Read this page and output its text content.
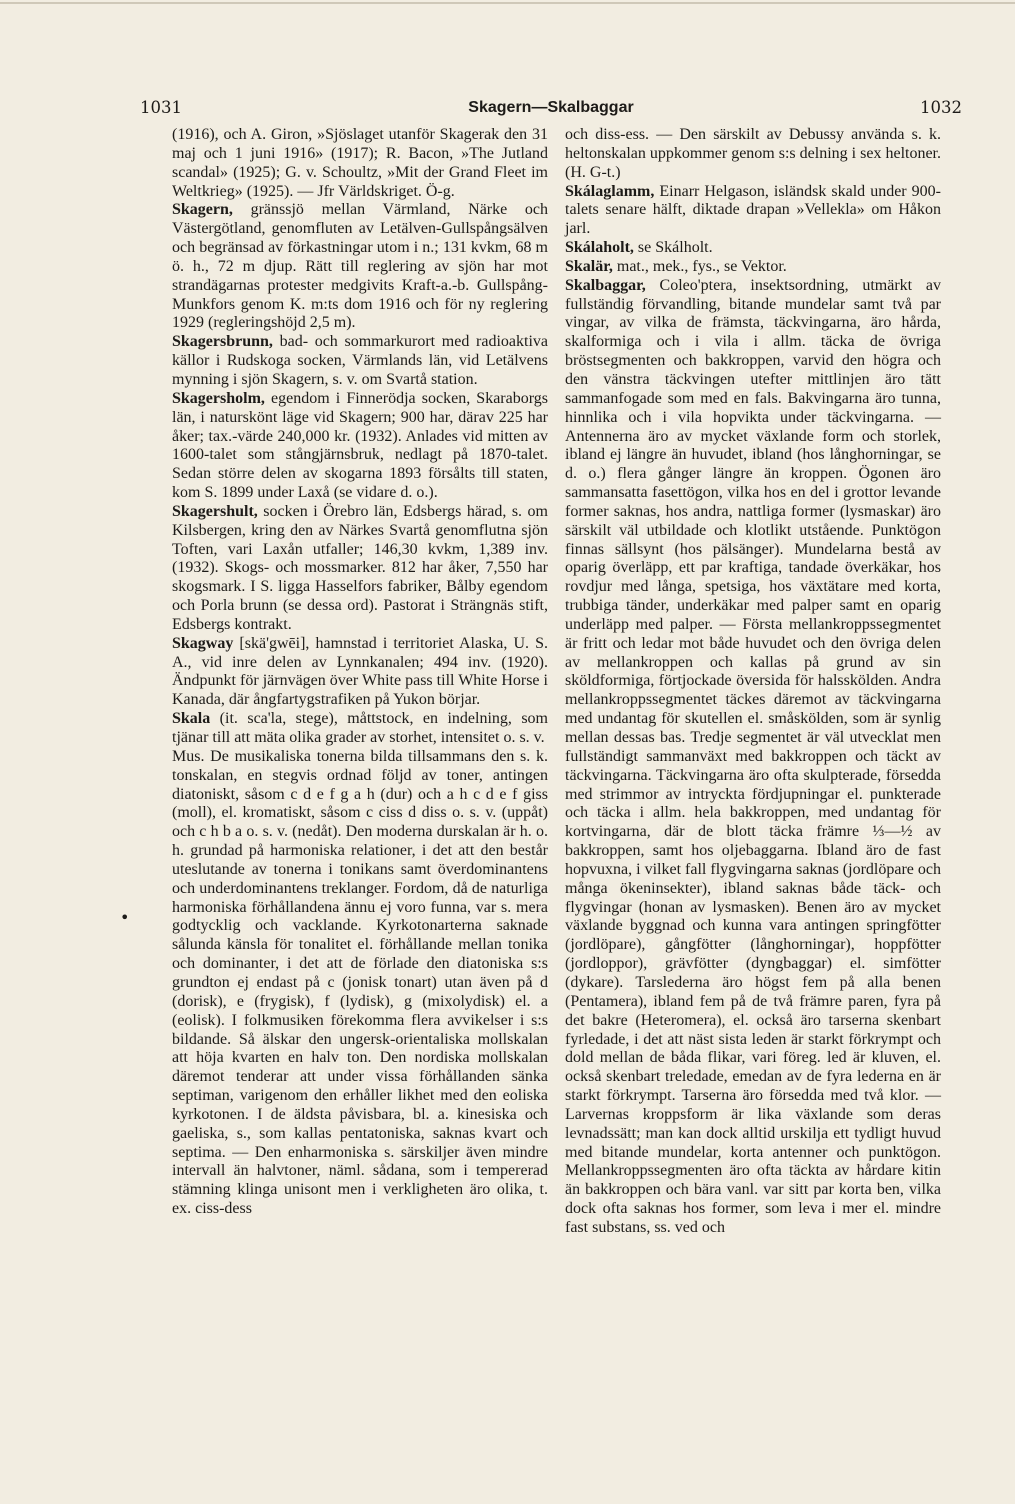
1031	Skagern—Skalbaggar	1032
•

(1916), och A. Giron, »Sjöslaget utanför Skagerak den 31 maj och 1 juni 1916» (1917); R. Bacon, »The Jutland scandal» (1925); G. v. Schoultz, »Mit der Grand Fleet im Weltkrieg» (1925). — Jfr Världskriget. Ö-g.

Skagern, gränssjö mellan Värmland, Närke och Västergötland, genomfluten av Letälven-Gullspångsälven och begränsad av förkastningar utom i n.; 131 kvkm, 68 m ö. h., 72 m djup. Rätt till reglering av sjön har mot strandägarnas protester medgivits Kraft-a.-b. Gullspång-Munkfors genom K. m:ts dom 1916 och för ny reglering 1929 (regleringshöjd 2,5 m).

Skagersbrunn, bad- och sommarkurort med radioaktiva källor i Rudskoga socken, Värmlands län, vid Letälvens mynning i sjön Skagern, s. v. om Svartå station.

Skagersholm, egendom i Finnerödja socken, Skaraborgs län, i naturskönt läge vid Skagern; 900 har, därav 225 har åker; tax.-värde 240,000 kr. (1932). Anlades vid mitten av 1600-talet som stångjärnsbruk, nedlagt på 1870-talet. Sedan större delen av skogarna 1893 försålts till staten, kom S. 1899 under Laxå (se vidare d. o.).

Skagershult, socken i Örebro län, Edsbergs härad, s. om Kilsbergen, kring den av Närkes Svartå genomflutna sjön Toften, vari Laxån utfaller; 146,30 kvkm, 1,389 inv. (1932). Skogs- och mossmarker. 812 har åker, 7,550 har skogsmark. I S. ligga Hasselfors fabriker, Bålby egendom och Porla brunn (se dessa ord). Pastorat i Strängnäs stift, Edsbergs kontrakt.

Skagway [skä'gwēi], hamnstad i territoriet Alaska, U. S. A., vid inre delen av Lynnkanalen; 494 inv. (1920). Ändpunkt för järnvägen över White pass till White Horse i Kanada, där ångfartygstrafiken på Yukon börjar.

Skala (it. sca'la, stege), måttstock, en indelning, som tjänar till att mäta olika grader av storhet, intensitet o. s. v.

Mus. De musikaliska tonerna bilda tillsammans den s. k. tonskalan, en stegvis ordnad följd av toner, antingen diatoniskt, såsom c d e f g a h (dur) och a h c d e f giss (moll), el. kromatiskt, såsom c ciss d diss o. s. v. (uppåt) och c h b a o. s. v. (nedåt). Den moderna durskalan är h. o. h. grundad på harmoniska relationer, i det att den består uteslutande av tonerna i tonikans samt överdominantens och underdominantens treklanger. Fordom, då de naturliga harmoniska förhållandena ännu ej voro funna, var s. mera godtycklig och vacklande. Kyrkotonarterna saknade sålunda känsla för tonalitet el. förhållande mellan tonika och dominanter, i det att de förlade den diatoniska s:s grundton ej endast på c (jonisk tonart) utan även på d (dorisk), e (frygisk), f (lydisk), g (mixolydisk) el. a (eolisk). I folkmusiken förekomma flera avvikelser i s:s bildande. Så älskar den ungersk-orientaliska mollskalan att höja kvarten en halv ton. Den nordiska mollskalan däremot tenderar att under vissa förhållanden sänka septiman, varigenom den erhåller likhet med den eoliska kyrkotonen. I de äldsta påvisbara, bl. a. kinesiska och gaeliska, s., som kallas pentatoniska, saknas kvart och septima. — Den enharmoniska s. särskiljer även mindre intervall än halvtoner, näml. sådana, som i tempererad stämning klinga unisont men i verkligheten äro olika, t. ex. ciss-dess

och diss-ess. — Den särskilt av Debussy använda s. k. heltonskalan uppkommer genom s:s delning i sex heltoner. (H. G-t.)

Skálaglamm, Einarr Helgason, isländsk skald under 900-talets senare hälft, diktade drapan »Vellekla» om Håkon jarl.

Skálaholt, se Skálholt.

Skalär, mat., mek., fys., se Vektor.

Skalbaggar, Coleo'ptera, insektsordning, utmärkt av fullständig förvandling, bitande mundelar samt två par vingar, av vilka de främsta, täckvingarna, äro hårda, skalformiga och i vila i allm. täcka de övriga bröstsegmenten och bakkroppen, varvid den högra och den vänstra täckvingen utefter mittlinjen äro tätt sammanfogade som med en fals. Bakvingarna äro tunna, hinnlika och i vila hopvikta under täckvingarna. — Antennerna äro av mycket växlande form och storlek, ibland ej längre än huvudet, ibland (hos långhorningar, se d. o.) flera gånger längre än kroppen. Ögonen äro sammansatta fasettögon, vilka hos en del i grottor levande former saknas, hos andra, nattliga former (lysmaskar) äro särskilt väl utbildade och klotlikt utstående. Punktögon finnas sällsynt (hos pälsänger). Mundelarna bestå av oparig överläpp, ett par kraftiga, tandade överkäkar, hos rovdjur med långa, spetsiga, hos växtätare med korta, trubbiga tänder, underkäkar med palper samt en oparig underläpp med palper. — Första mellankroppssegmentet är fritt och ledar mot både huvudet och den övriga delen av mellankroppen och kallas på grund av sin sköldformiga, förtjockade översida för halsskölden. Andra mellankroppssegmentet täckes däremot av täckvingarna med undantag för skutellen el. småskölden, som är synlig mellan dessas bas. Tredje segmentet är väl utvecklat men fullständigt sammanväxt med bakkroppen och täckt av täckvingarna. Täckvingarna äro ofta skulpterade, försedda med strimmor av intryckta fördjupningar el. punkterade och täcka i allm. hela bakkroppen, med undantag för kortvingarna, där de blott täcka främre ⅓—½ av bakkroppen, samt hos oljebaggarna. Ibland äro de fast hopvuxna, i vilket fall flygvingarna saknas (jordlöpare och många ökeninsekter), ibland saknas både täck- och flygvingar (honan av lysmasken). Benen äro av mycket växlande byggnad och kunna vara antingen springfötter (jordlöpare), gångfötter (långhorningar), hoppfötter (jordloppor), grävfötter (dyngbaggar) el. simfötter (dykare). Tarslederna äro högst fem på alla benen (Pentamera), ibland fem på de två främre paren, fyra på det bakre (Heteromera), el. också äro tarserna skenbart fyrledade, i det att näst sista leden är starkt förkrympt och dold mellan de båda flikar, vari föreg. led är kluven, el. också skenbart treledade, emedan av de fyra lederna en är starkt förkrympt. Tarserna äro försedda med två klor. — Larvernas kroppsform är lika växlande som deras levnadssätt; man kan dock alltid urskilja ett tydligt huvud med bitande mundelar, korta antenner och punktögon. Mellankroppssegmenten äro ofta täckta av hårdare kitin än bakkroppen och bära vanl. var sitt par korta ben, vilka dock ofta saknas hos former, som leva i mer el. mindre fast substans, ss. ved och
